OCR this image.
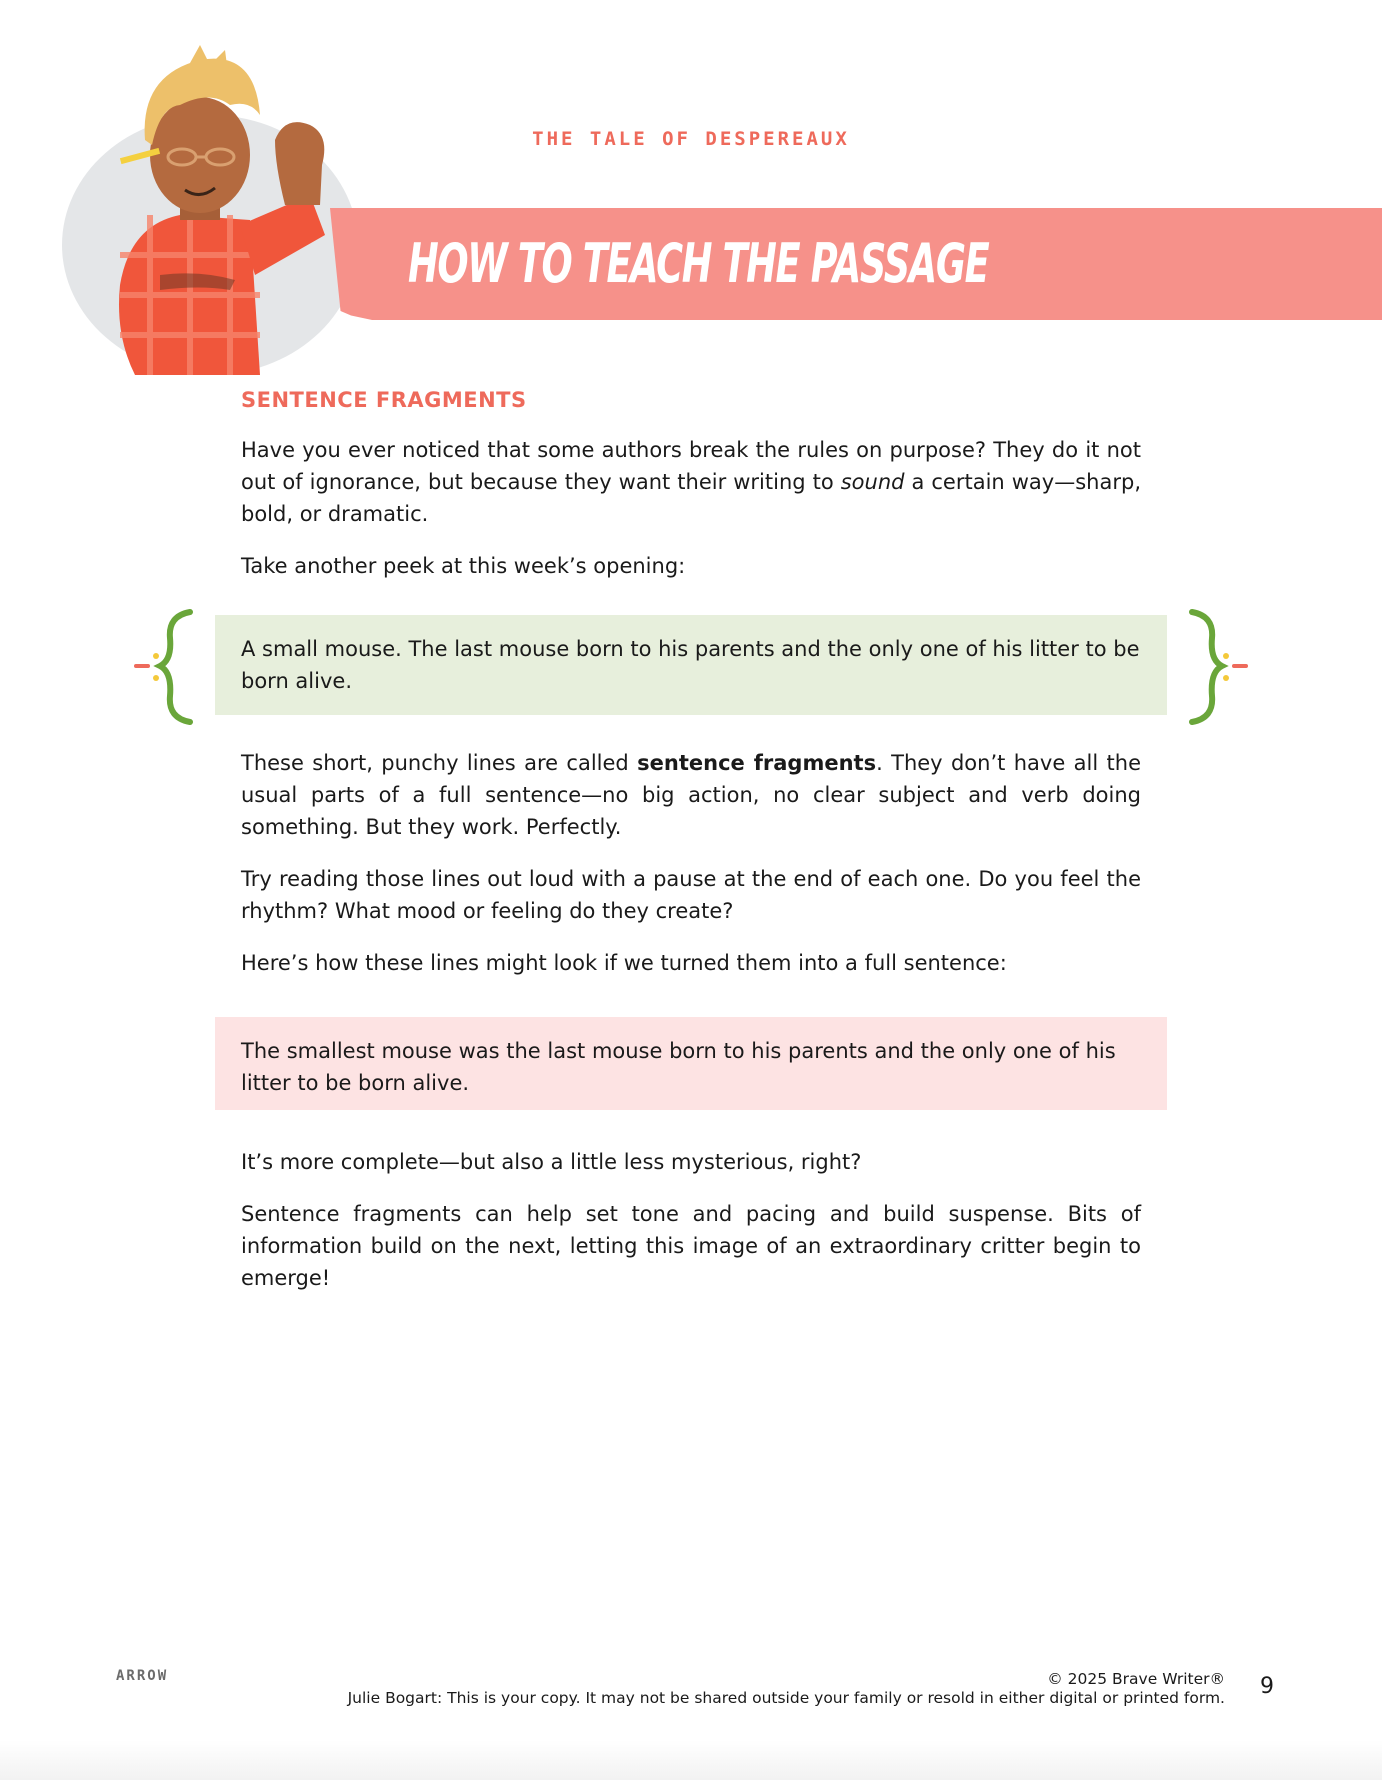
THE TALE OF DESPEREAUX
HOW TO TEACH THE PASSAGE
SENTENCE FRAGMENTS

Have you ever noticed that some authors break the rules on purpose? They do it not out of ignorance, but because they want their writing to sound a certain way—sharp, bold, or dramatic.

Take another peek at this week’s opening:

A small mouse. The last mouse born to his parents and the only one of his litter to be born alive.

These short, punchy lines are called sentence fragments. They don’t have all the usual parts of a full sentence—no big action, no clear subject and verb doing something. But they work. Perfectly.

Try reading those lines out loud with a pause at the end of each one. Do you feel the rhythm? What mood or feeling do they create?

Here’s how these lines might look if we turned them into a full sentence:

The smallest mouse was the last mouse born to his parents and the only one of his litter to be born alive.

It’s more complete—but also a little less mysterious, right?

Sentence fragments can help set tone and pacing and build suspense. Bits of information build on the next, letting this image of an extraordinary critter begin to emerge!

ARROW	© 2025 Brave Writer®
Julie Bogart: This is your copy. It may not be shared outside your family or resold in either digital or printed form. 9
